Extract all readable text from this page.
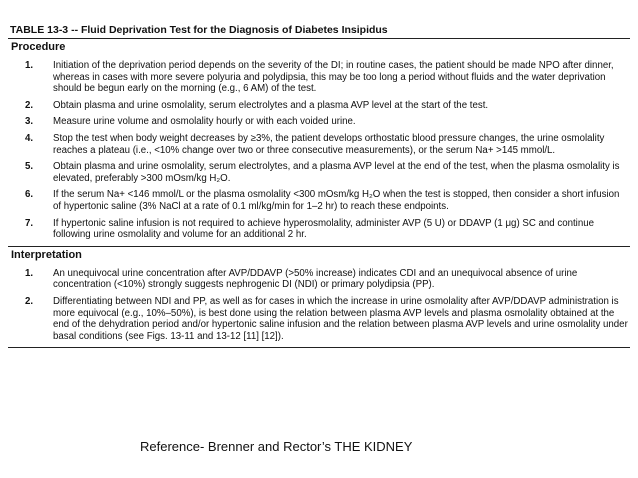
TABLE 13-3 -- Fluid Deprivation Test for the Diagnosis of Diabetes Insipidus
Procedure
1.	Initiation of the deprivation period depends on the severity of the DI; in routine cases, the patient should be made NPO after dinner, whereas in cases with more severe polyuria and polydipsia, this may be too long a period without fluids and the water deprivation should be begun early on the morning (e.g., 6 AM) of the test.
2.	Obtain plasma and urine osmolality, serum electrolytes and a plasma AVP level at the start of the test.
3.	Measure urine volume and osmolality hourly or with each voided urine.
4.	Stop the test when body weight decreases by ≥3%, the patient develops orthostatic blood pressure changes, the urine osmolality reaches a plateau (i.e., <10% change over two or three consecutive measurements), or the serum Na+ >145 mmol/L.
5.	Obtain plasma and urine osmolality, serum electrolytes, and a plasma AVP level at the end of the test, when the plasma osmolality is elevated, preferably >300 mOsm/kg H₂O.
6.	If the serum Na+ <146 mmol/L or the plasma osmolality <300 mOsm/kg H₂O when the test is stopped, then consider a short infusion of hypertonic saline (3% NaCl at a rate of 0.1 ml/kg/min for 1–2 hr) to reach these endpoints.
7.	If hypertonic saline infusion is not required to achieve hyperosmolality, administer AVP (5 U) or DDAVP (1 μg) SC and continue following urine osmolality and volume for an additional 2 hr.
Interpretation
1.	An unequivocal urine concentration after AVP/DDAVP (>50% increase) indicates CDI and an unequivocal absence of urine concentration (<10%) strongly suggests nephrogenic DI (NDI) or primary polydipsia (PP).
2.	Differentiating between NDI and PP, as well as for cases in which the increase in urine osmolality after AVP/DDAVP administration is more equivocal (e.g., 10%–50%), is best done using the relation between plasma AVP levels and plasma osmolality obtained at the end of the dehydration period and/or hypertonic saline infusion and the relation between plasma AVP levels and urine osmolality under basal conditions (see Figs. 13-11 and 13-12 [11] [12]).
Reference- Brenner and Rector’s THE KIDNEY
